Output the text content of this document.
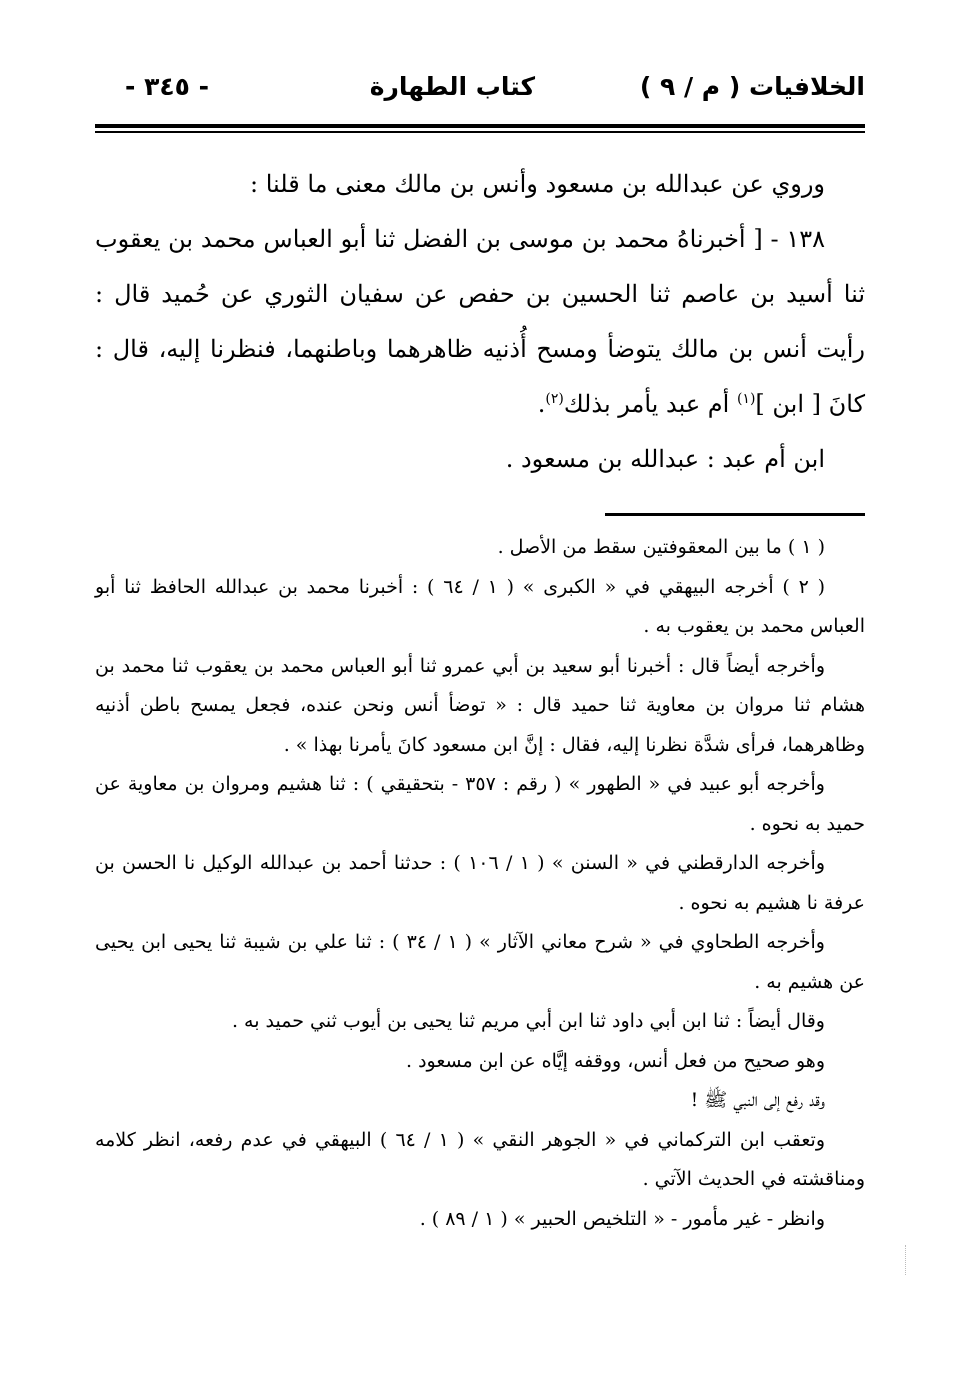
الخلافيات ( م / ٩ )
كتاب الطهارة
- ٣٤٥ -

وروي عن عبدالله بن مسعود وأنس بن مالك معنى ما قلنا :

١٣٨ - [ أخبرناهُ محمد بن موسى بن الفضل ثنا أبو العباس محمد بن يعقوب ثنا أسيد بن عاصم ثنا الحسين بن حفص عن سفيان الثوري عن حُميد قال : رأيت أنس بن مالك يتوضأ ومسح أُذنيه ظاهرهما وباطنهما، فنظرنا إليه، قال : كانَ [ ابن ]$^{(١)}$ أم عبد يأمر بذلك$^{(٢)}$.

ابن أم عبد : عبدالله بن مسعود .

( ١ ) ما بين المعقوفتين سقط من الأصل .

( ٢ ) أخرجه البيهقي في « الكبرى » ( ١ / ٦٤ ) : أخبرنا محمد بن عبدالله الحافظ ثنا أبو العباس محمد بن يعقوب به .

وأخرجه أيضاً قال : أخبرنا أبو سعيد بن أبي عمرو ثنا أبو العباس محمد بن يعقوب ثنا محمد بن هشام ثنا مروان بن معاوية ثنا حميد قال : « توضأ أنس ونحن عنده، فجعل يمسح باطن أذنيه وظاهرهما، فرأى شدَّة نظرنا إليه، فقال : إنَّ ابن مسعود كانَ يأمرنا بهذا » .

وأخرجه أبو عبيد في « الطهور » ( رقم : ٣٥٧ - بتحقيقي ) : ثنا هشيم ومروان بن معاوية عن حميد به نحوه .

وأخرجه الدارقطني في « السنن » ( ١ / ١٠٦ ) : حدثنا أحمد بن عبدالله الوكيل نا الحسن بن عرفة نا هشيم به نحوه .

وأخرجه الطحاوي في « شرح معاني الآثار » ( ١ / ٣٤ ) : ثنا علي بن شيبة ثنا يحيى ابن يحيى عن هشيم به .

وقال أيضاً : ثنا ابن أبي داود ثنا ابن أبي مريم ثنا يحيى بن أيوب ثني حميد به .

وهو صحيح من فعل أنس، ووقفه إيَّاه عن ابن مسعود .

وقد رفع إلى النبي ﷺ !

وتعقب ابن التركماني في « الجوهر النقي » ( ١ / ٦٤ ) البيهقي في عدم رفعه، انظر كلامه ومناقشته في الحديث الآتي .

وانظر - غير مأمور - « التلخيص الحبير » ( ١ / ٨٩ ) .
